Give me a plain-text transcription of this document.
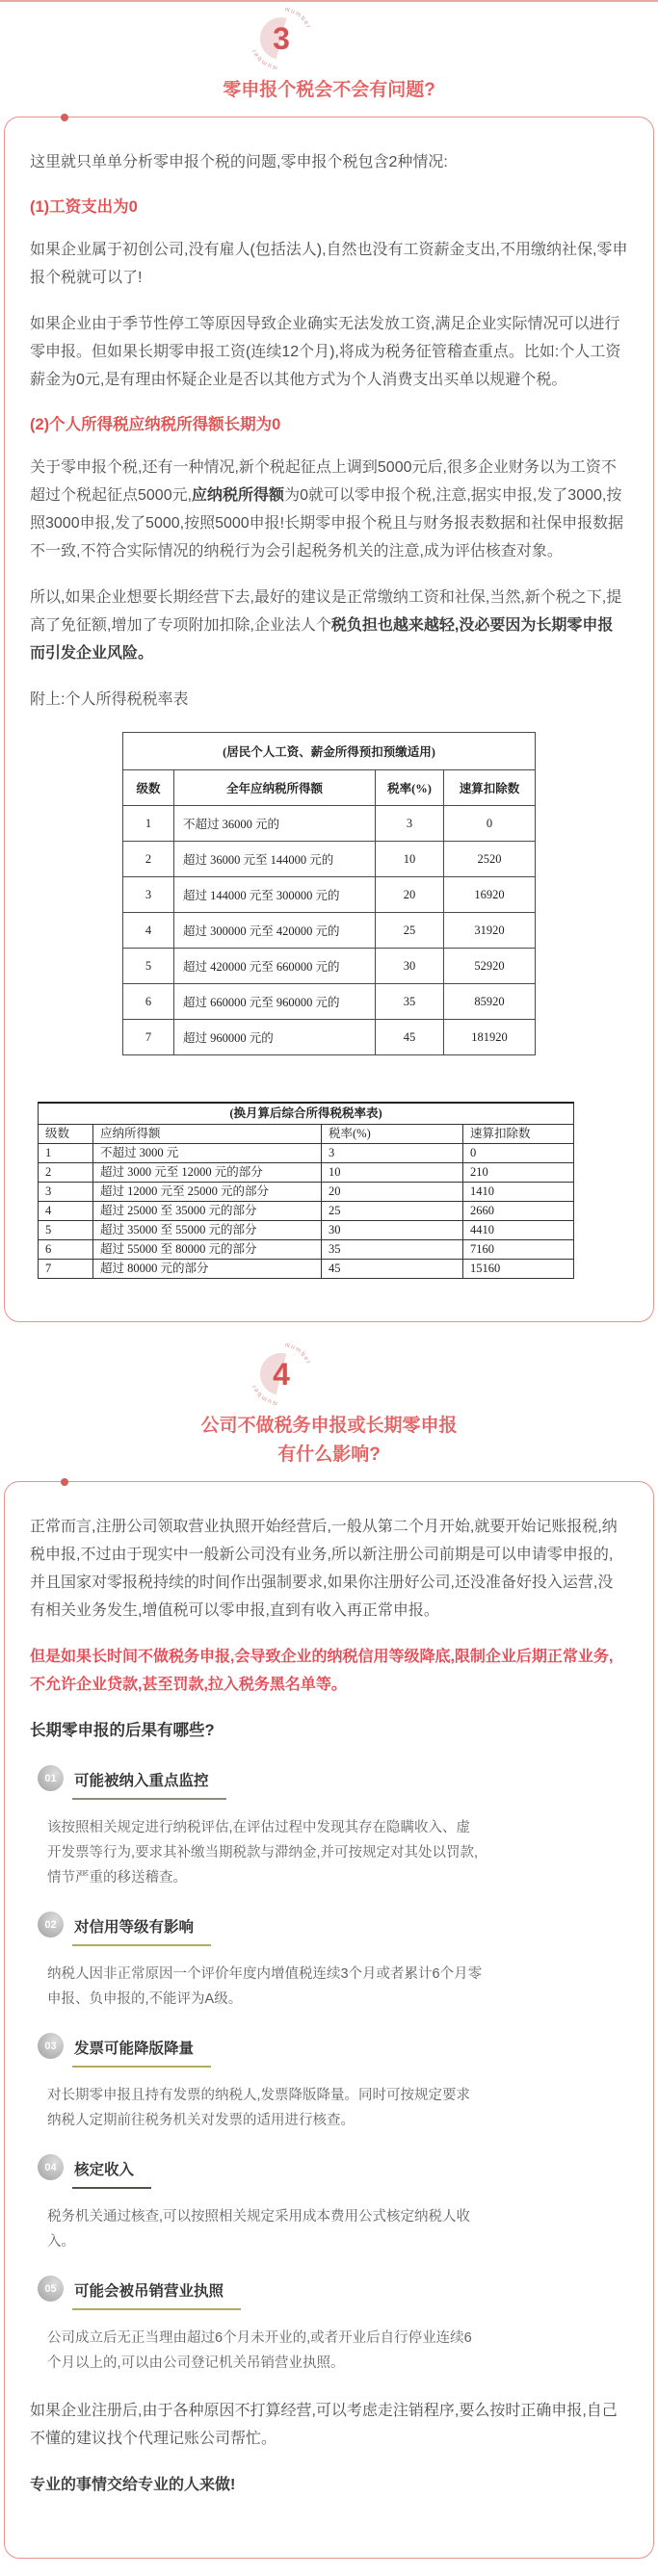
Number Number 3
零申报个税会不会有问题?

这里就只单单分析零申报个税的问题,零申报个税包含2种情况:

(1)工资支出为0

如果企业属于初创公司,没有雇人(包括法人),自然也没有工资薪金支出,不用缴纳社保,零申报个税就可以了!

如果企业由于季节性停工等原因导致企业确实无法发放工资,满足企业实际情况可以进行零申报。但如果长期零申报工资(连续12个月),将成为税务征管稽查重点。比如:个人工资薪金为0元,是有理由怀疑企业是否以其他方式为个人消费支出买单以规避个税。

(2)个人所得税应纳税所得额长期为0

关于零申报个税,还有一种情况,新个税起征点上调到5000元后,很多企业财务以为工资不超过个税起征点5000元,应纳税所得额为0就可以零申报个税,注意,据实申报,发了3000,按照3000申报,发了5000,按照5000申报!长期零申报个税且与财务报表数据和社保申报数据不一致,不符合实际情况的纳税行为会引起税务机关的注意,成为评估核查对象。

所以,如果企业想要长期经营下去,最好的建议是正常缴纳工资和社保,当然,新个税之下,提高了免征额,增加了专项附加扣除,企业法人个税负担也越来越轻,没必要因为长期零申报而引发企业风险。

附上:个人所得税税率表

(居民个人工资、薪金所得预扣预缴适用)			
级数	全年应纳税所得额	税率(%)	速算扣除数
1	不超过 36000 元的	3	0
2	超过 36000 元至 144000 元的	10	2520
3	超过 144000 元至 300000 元的	20	16920
4	超过 300000 元至 420000 元的	25	31920
5	超过 420000 元至 660000 元的	30	52920
6	超过 660000 元至 960000 元的	35	85920
7	超过 960000 元的	45	181920
(换月算后综合所得税税率表)			
级数	应纳所得额	税率(%)	速算扣除数
1	不超过 3000 元	3	0
2	超过 3000 元至 12000 元的部分	10	210
3	超过 12000 元至 25000 元的部分	20	1410
4	超过 25000 至 35000 元的部分	25	2660
5	超过 35000 至 55000 元的部分	30	4410
6	超过 55000 至 80000 元的部分	35	7160
7	超过 80000 元的部分	45	15160
Number Number 4
公司不做税务申报或长期零申报
有什么影响?

正常而言,注册公司领取营业执照开始经营后,一般从第二个月开始,就要开始记账报税,纳税申报,不过由于现实中一般新公司没有业务,所以新注册公司前期是可以申请零申报的,并且国家对零报税持续的时间作出强制要求,如果你注册好公司,还没准备好投入运营,没有相关业务发生,增值税可以零申报,直到有收入再正常申报。

但是如果长时间不做税务申报,会导致企业的纳税信用等级降底,限制企业后期正常业务,不允许企业贷款,甚至罚款,拉入税务黑名单等。

长期零申报的后果有哪些?
01	可能被纳入重点监控

该按照相关规定进行纳税评估,在评估过程中发现其存在隐瞒收入、虚开发票等行为,要求其补缴当期税款与滞纳金,并可按规定对其处以罚款,情节严重的移送稽查。

02	对信用等级有影响

纳税人因非正常原因一个评价年度内增值税连续3个月或者累计6个月零申报、负申报的,不能评为A级。

03	发票可能降版降量

对长期零申报且持有发票的纳税人,发票降版降量。同时可按规定要求纳税人定期前往税务机关对发票的适用进行核查。

04	核定收入

税务机关通过核查,可以按照相关规定采用成本费用公式核定纳税人收入。

05	可能会被吊销营业执照

公司成立后无正当理由超过6个月未开业的,或者开业后自行停业连续6个月以上的,可以由公司登记机关吊销营业执照。

如果企业注册后,由于各种原因不打算经营,可以考虑走注销程序,要么按时正确申报,自己不懂的建议找个代理记账公司帮忙。

专业的事情交给专业的人来做!
